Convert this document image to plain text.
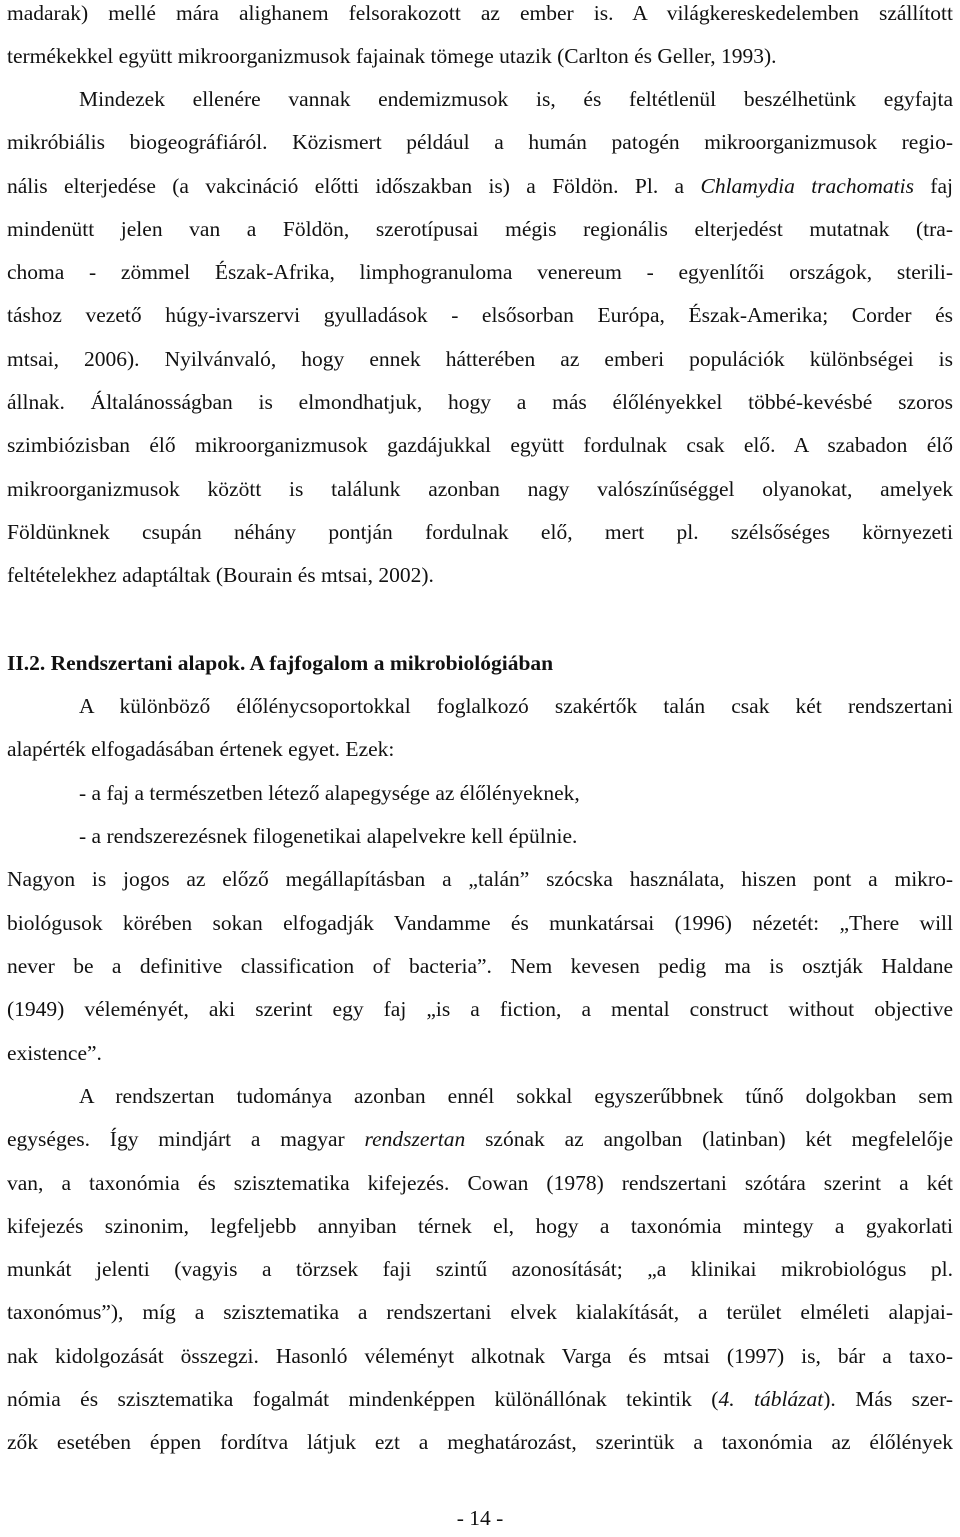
madarak) mellé mára alighanem felsorakozott az ember is. A világkereskedelemben szállított
termékekkel együtt mikroorganizmusok fajainak tömege utazik (Carlton és Geller, 1993).
Mindezek ellenére vannak endemizmusok is, és feltétlenül beszélhetünk egyfajta
mikróbiális biogeográfiáról. Közismert például a humán patogén mikroorganizmusok regio-
nális elterjedése (a vakcináció előtti időszakban is) a Földön. Pl. a Chlamydia trachomatis faj
mindenütt jelen van a Földön, szerotípusai mégis regionális elterjedést mutatnak (tra-
choma - zömmel Észak-Afrika, limphogranuloma venereum - egyenlítői országok, sterili-
táshoz vezető húgy-ivarszervi gyulladások - elsősorban Európa, Észak-Amerika; Corder és
mtsai, 2006). Nyilvánvaló, hogy ennek hátterében az emberi populációk különbségei is
állnak. Általánosságban is elmondhatjuk, hogy a más élőlényekkel többé-kevésbé szoros
szimbiózisban élő mikroorganizmusok gazdájukkal együtt fordulnak csak elő. A szabadon élő
mikroorganizmusok között is találunk azonban nagy valószínűséggel olyanokat, amelyek
Földünknek csupán néhány pontján fordulnak elő, mert pl. szélsőséges környezeti
feltételekhez adaptáltak (Bourain és mtsai, 2002).
II.2. Rendszertani alapok. A fajfogalom a mikrobiológiában
A különböző élőlénycsoportokkal foglalkozó szakértők talán csak két rendszertani
alapérték elfogadásában értenek egyet. Ezek:
- a faj a természetben létező alapegysége az élőlényeknek,
- a rendszerezésnek filogenetikai alapelvekre kell épülnie.
Nagyon is jogos az előző megállapításban a „talán” szócska használata, hiszen pont a mikro-
biológusok körében sokan elfogadják Vandamme és munkatársai (1996) nézetét: „There will
never be a definitive classification of bacteria”. Nem kevesen pedig ma is osztják Haldane
(1949) véleményét, aki szerint egy faj „is a fiction, a mental construct without objective
existence”.
A rendszertan tudománya azonban ennél sokkal egyszerűbbnek tűnő dolgokban sem
egységes. Így mindjárt a magyar rendszertan szónak az angolban (latinban) két megfelelője
van, a taxonómia és szisztematika kifejezés. Cowan (1978) rendszertani szótára szerint a két
kifejezés szinonim, legfeljebb annyiban térnek el, hogy a taxonómia mintegy a gyakorlati
munkát jelenti (vagyis a törzsek faji szintű azonosítását; „a klinikai mikrobiológus pl.
taxonómus”), míg a szisztematika a rendszertani elvek kialakítását, a terület elméleti alapjai-
nak kidolgozását összegzi. Hasonló véleményt alkotnak Varga és mtsai (1997) is, bár a taxo-
nómia és szisztematika fogalmát mindenképpen különállónak tekintik (4. táblázat). Más szer-
zők esetében éppen fordítva látjuk ezt a meghatározást, szerintük a taxonómia az élőlények
- 14 -
